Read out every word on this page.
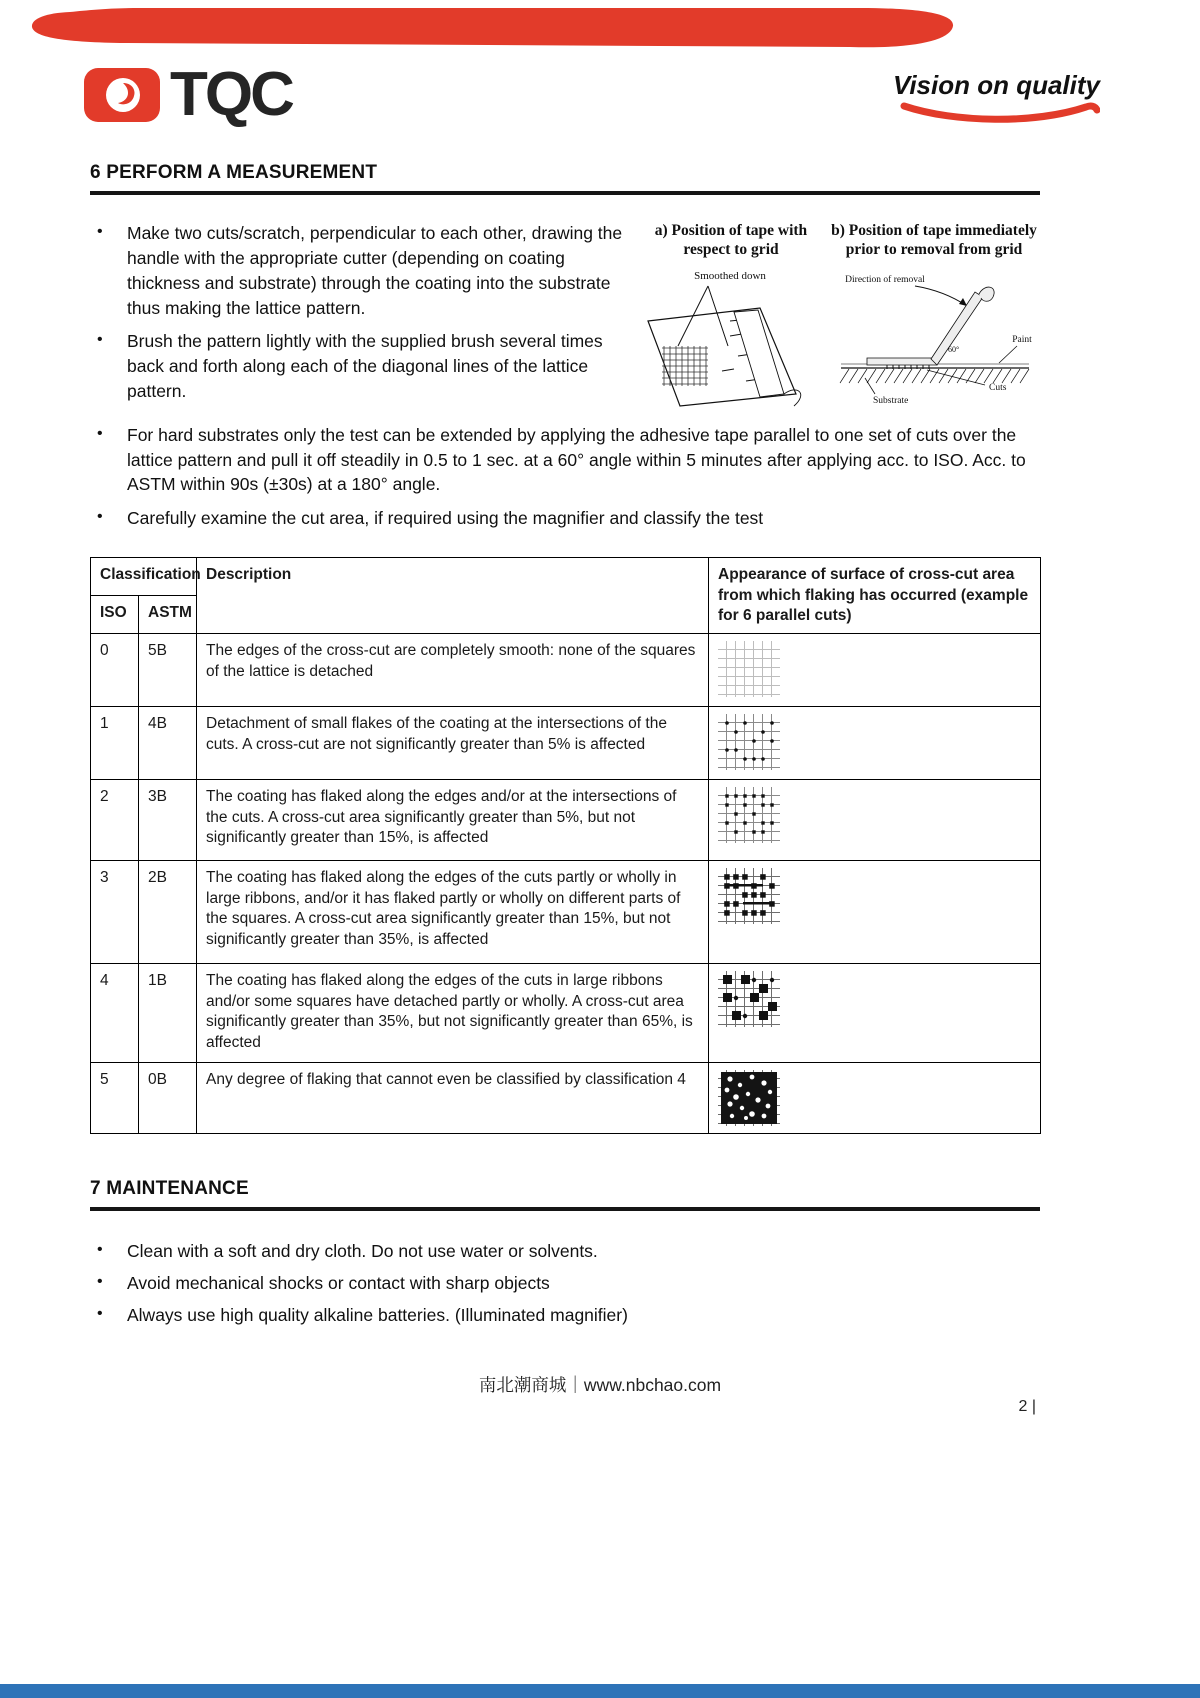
TQC	Vision on quality
6 PERFORM A MEASUREMENT
• Make two cuts/scratch, perpendicular to each other, drawing the handle with the appropriate cutter (depending on coating thickness and substrate) through the coating into the substrate thus making the lattice pattern.
• Brush the pattern lightly with the supplied brush several times back and forth along each of the diagonal lines of the lattice pattern.
a) Position of tape with respect to grid
Smoothed down
b) Position of tape immediately prior to removal from grid
Direction of removal
60°
Paint
Cuts
Substrate
• For hard substrates only the test can be extended by applying the adhesive tape parallel to one set of cuts over the lattice pattern and pull it off steadily in 0.5 to 1 sec. at a 60° angle within 5 minutes after applying acc. to ISO. Acc. to ASTM within 90s (±30s) at a 180° angle.
• Carefully examine the cut area, if required using the magnifier and classify the test
Classification		Description	Appearance of surface of cross-cut area from which flaking has occurred (example for 6 parallel cuts)
ISO	ASTM		
0	5B	The edges of the cross-cut are completely smooth: none of the squares of the lattice is detached	

1	4B	Detachment of small flakes of the coating at the intersections of the cuts. A cross-cut are not significantly greater than 5% is affected	

2	3B	The coating has flaked along the edges and/or at the intersections of the cuts. A cross-cut area significantly greater than 5%, but not significantly greater than 15%, is affected	

3	2B	The coating has flaked along the edges of the cuts partly or wholly in large ribbons, and/or it has flaked partly or wholly on different parts of the squares. A cross-cut area significantly greater than 15%, but not significantly greater than 35%, is affected	

4	1B	The coating has flaked along the edges of the cuts in large ribbons and/or some squares have detached partly or wholly. A cross-cut area significantly greater than 35%, but not significantly greater than 65%, is affected	

5	0B	Any degree of flaking that cannot even be classified by classification 4	
7 MAINTENANCE
• Clean with a soft and dry cloth. Do not use water or solvents.
• Avoid mechanical shocks or contact with sharp objects
• Always use high quality alkaline batteries. (Illuminated magnifier)
南北潮商城｜www.nbchao.com
2 |
